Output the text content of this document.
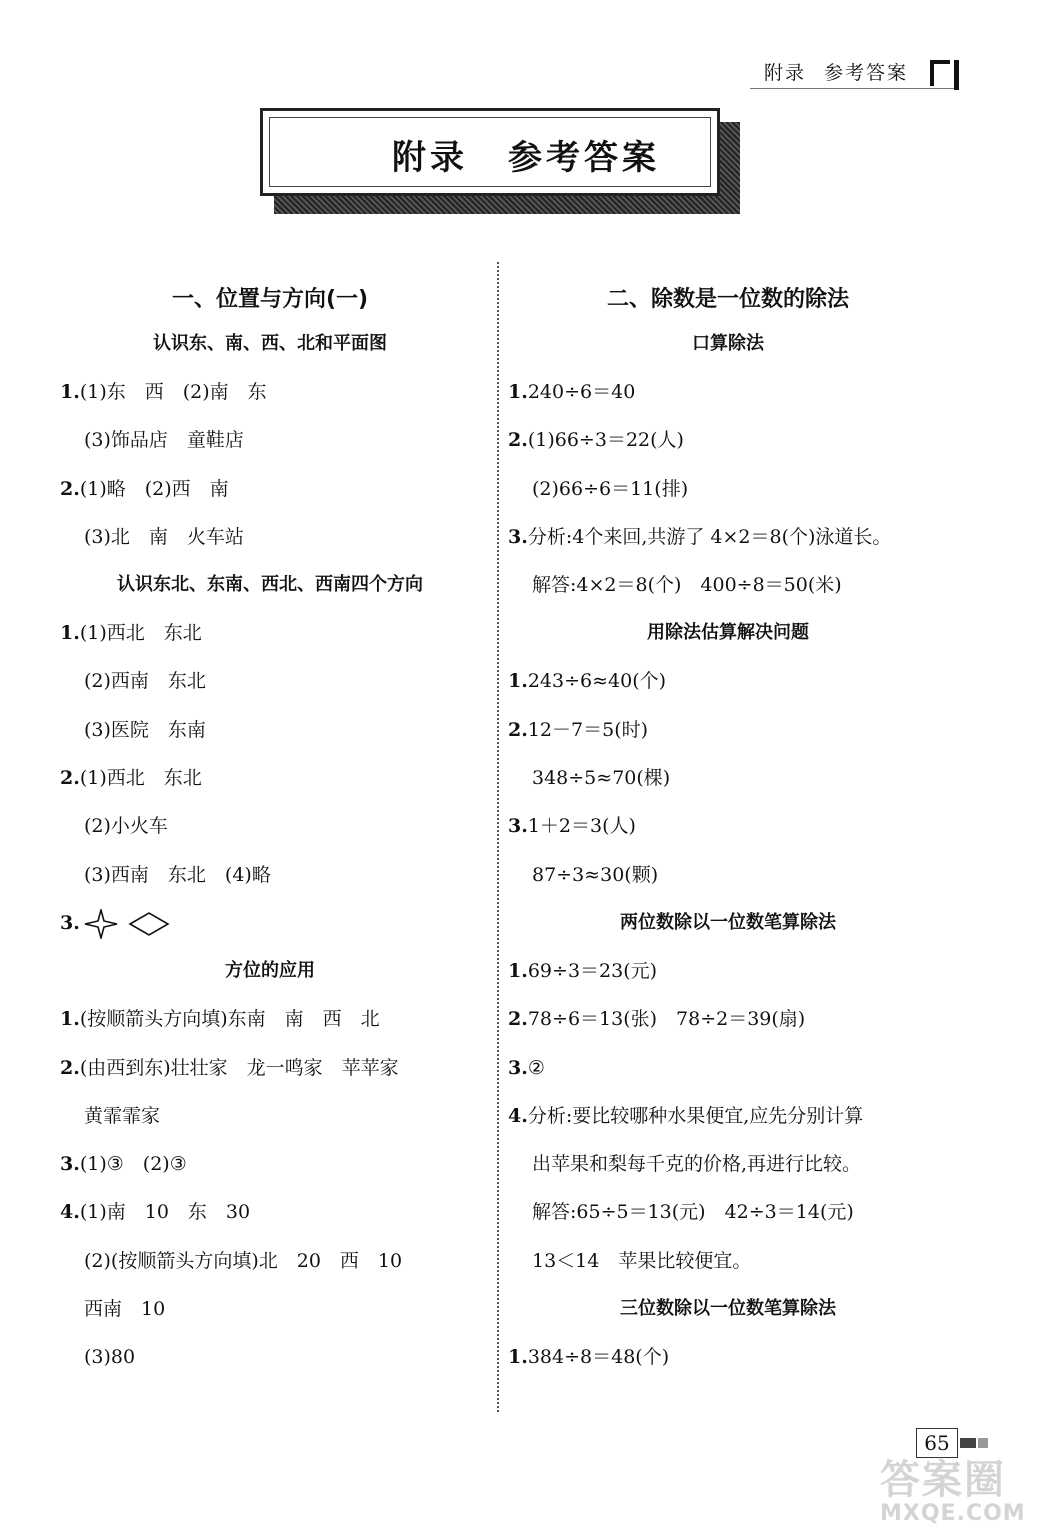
附录 参考答案
附录 参考答案
一、位置与方向(一)
认识东、南、西、北和平面图
1.(1)东　西　(2)南　东
(3)饰品店　童鞋店
2.(1)略　(2)西　南
(3)北　南　火车站
认识东北、东南、西北、西南四个方向
1.(1)西北　东北
(2)西南　东北
(3)医院　东南
2.(1)西北　东北
(2)小火车
(3)西南　东北　(4)略
3.
方位的应用
1.(按顺箭头方向填)东南　南　西　北
2.(由西到东)壮壮家　龙一鸣家　苹苹家
黄霏霏家
3.(1)③　(2)③
4.(1)南　10　东　30
(2)(按顺箭头方向填)北　20　西　10
西南　10
(3)80
二、除数是一位数的除法
口算除法
1.240÷6＝40
2.(1)66÷3＝22(人)
(2)66÷6＝11(排)
3.分析:4个来回,共游了 4×2＝8(个)泳道长。
解答:4×2＝8(个)　400÷8＝50(米)
用除法估算解决问题
1.243÷6≈40(个)
2.12－7＝5(时)
348÷5≈70(棵)
3.1＋2＝3(人)
87÷3≈30(颗)
两位数除以一位数笔算除法
1.69÷3＝23(元)
2.78÷6＝13(张)　78÷2＝39(扇)
3.②
4.分析:要比较哪种水果便宜,应先分别计算
出苹果和梨每千克的价格,再进行比较。
解答:65÷5＝13(元)　42÷3＝14(元)
13＜14　苹果比较便宜。
三位数除以一位数笔算除法
1.384÷8＝48(个)
65
答案圈
MXQE.COM
